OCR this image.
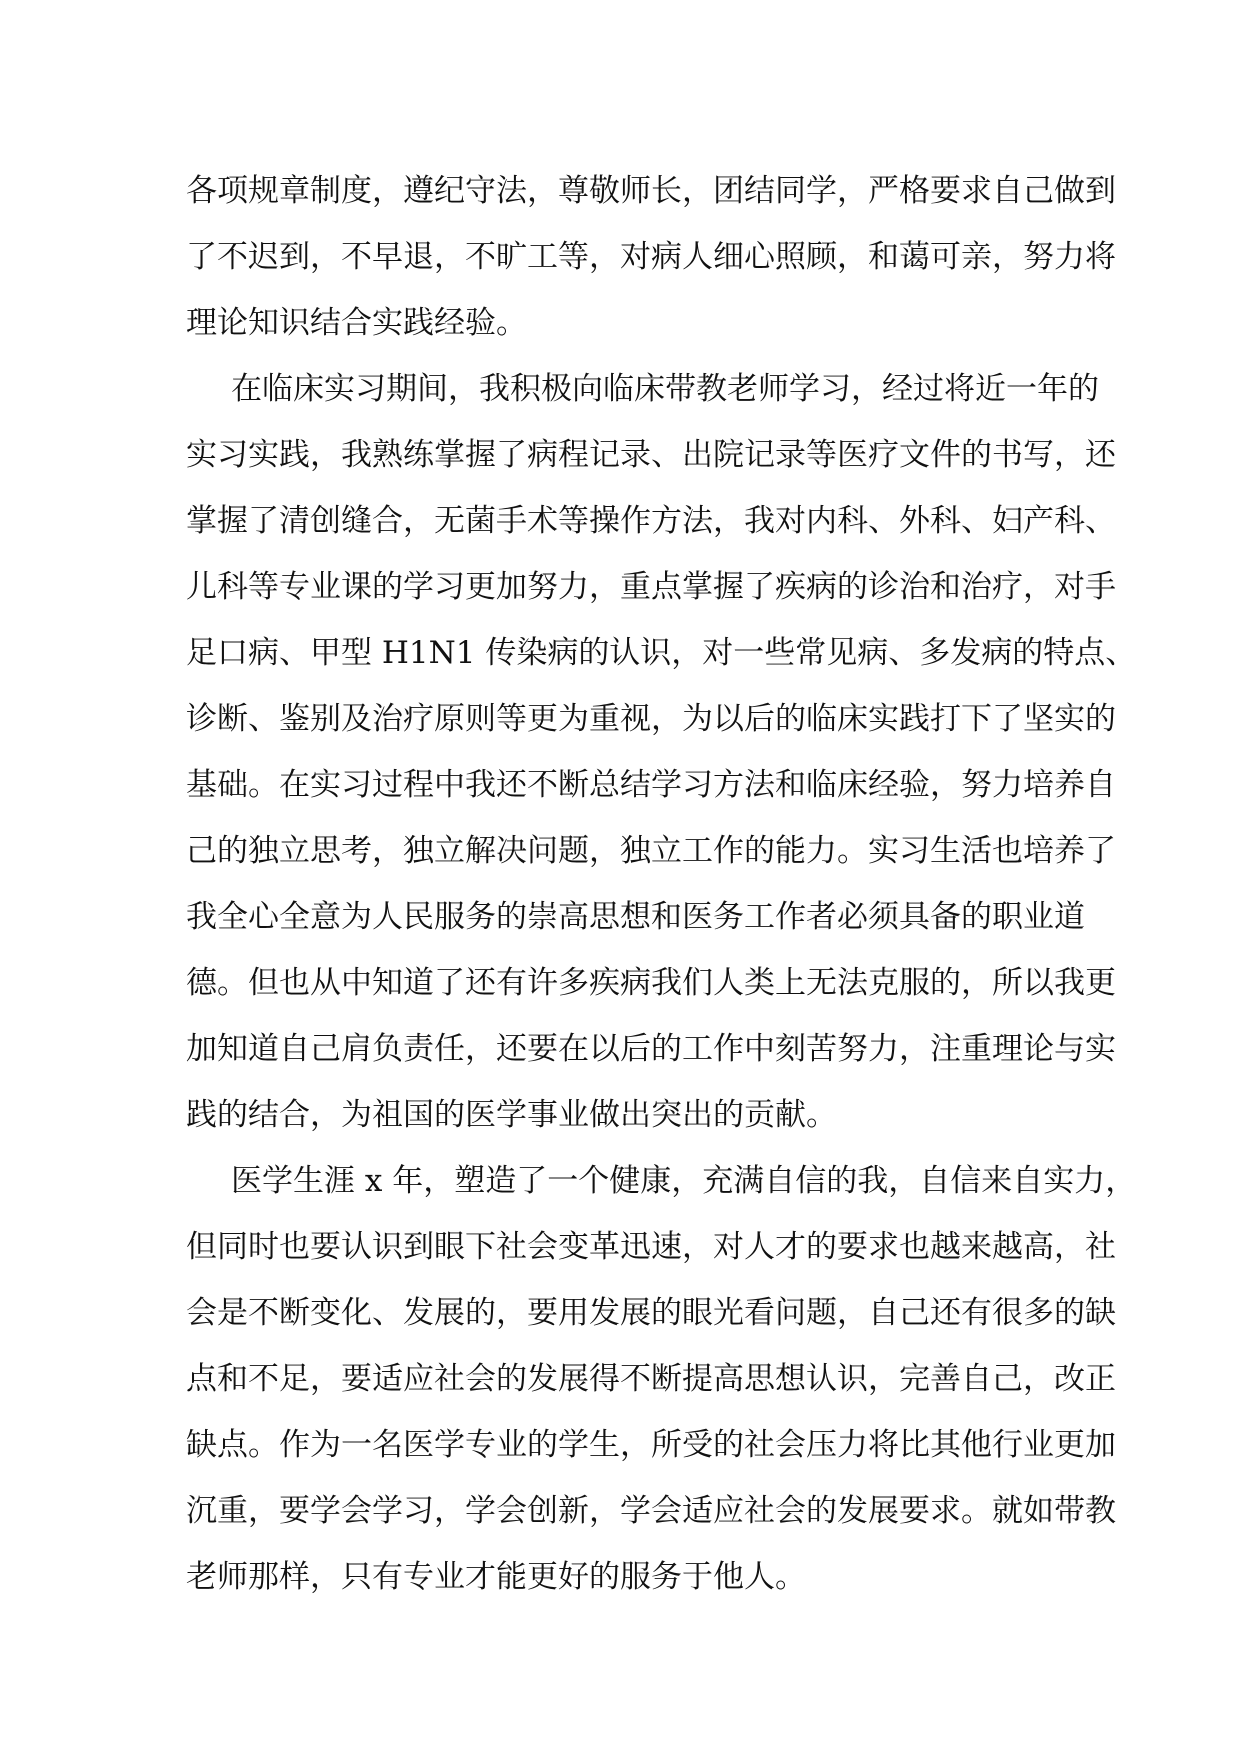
各项规章制度，遵纪守法，尊敬师长，团结同学，严格要求自己做到
了不迟到，不早退，不旷工等，对病人细心照顾，和蔼可亲，努力将
理论知识结合实践经验。
在临床实习期间，我积极向临床带教老师学习，经过将近一年的
实习实践，我熟练掌握了病程记录、出院记录等医疗文件的书写，还
掌握了清创缝合，无菌手术等操作方法，我对内科、外科、妇产科、
儿科等专业课的学习更加努力，重点掌握了疾病的诊治和治疗，对手
足口病、甲型 H1N1 传染病的认识，对一些常见病、多发病的特点、
诊断、鉴别及治疗原则等更为重视，为以后的临床实践打下了坚实的
基础。在实习过程中我还不断总结学习方法和临床经验，努力培养自
己的独立思考，独立解决问题，独立工作的能力。实习生活也培养了
我全心全意为人民服务的崇高思想和医务工作者必须具备的职业道
德。但也从中知道了还有许多疾病我们人类上无法克服的，所以我更
加知道自己肩负责任，还要在以后的工作中刻苦努力，注重理论与实
践的结合，为祖国的医学事业做出突出的贡献。
医学生涯 x 年，塑造了一个健康，充满自信的我，自信来自实力，
但同时也要认识到眼下社会变革迅速，对人才的要求也越来越高，社
会是不断变化、发展的，要用发展的眼光看问题，自己还有很多的缺
点和不足，要适应社会的发展得不断提高思想认识，完善自己，改正
缺点。作为一名医学专业的学生，所受的社会压力将比其他行业更加
沉重，要学会学习，学会创新，学会适应社会的发展要求。就如带教
老师那样，只有专业才能更好的服务于他人。
